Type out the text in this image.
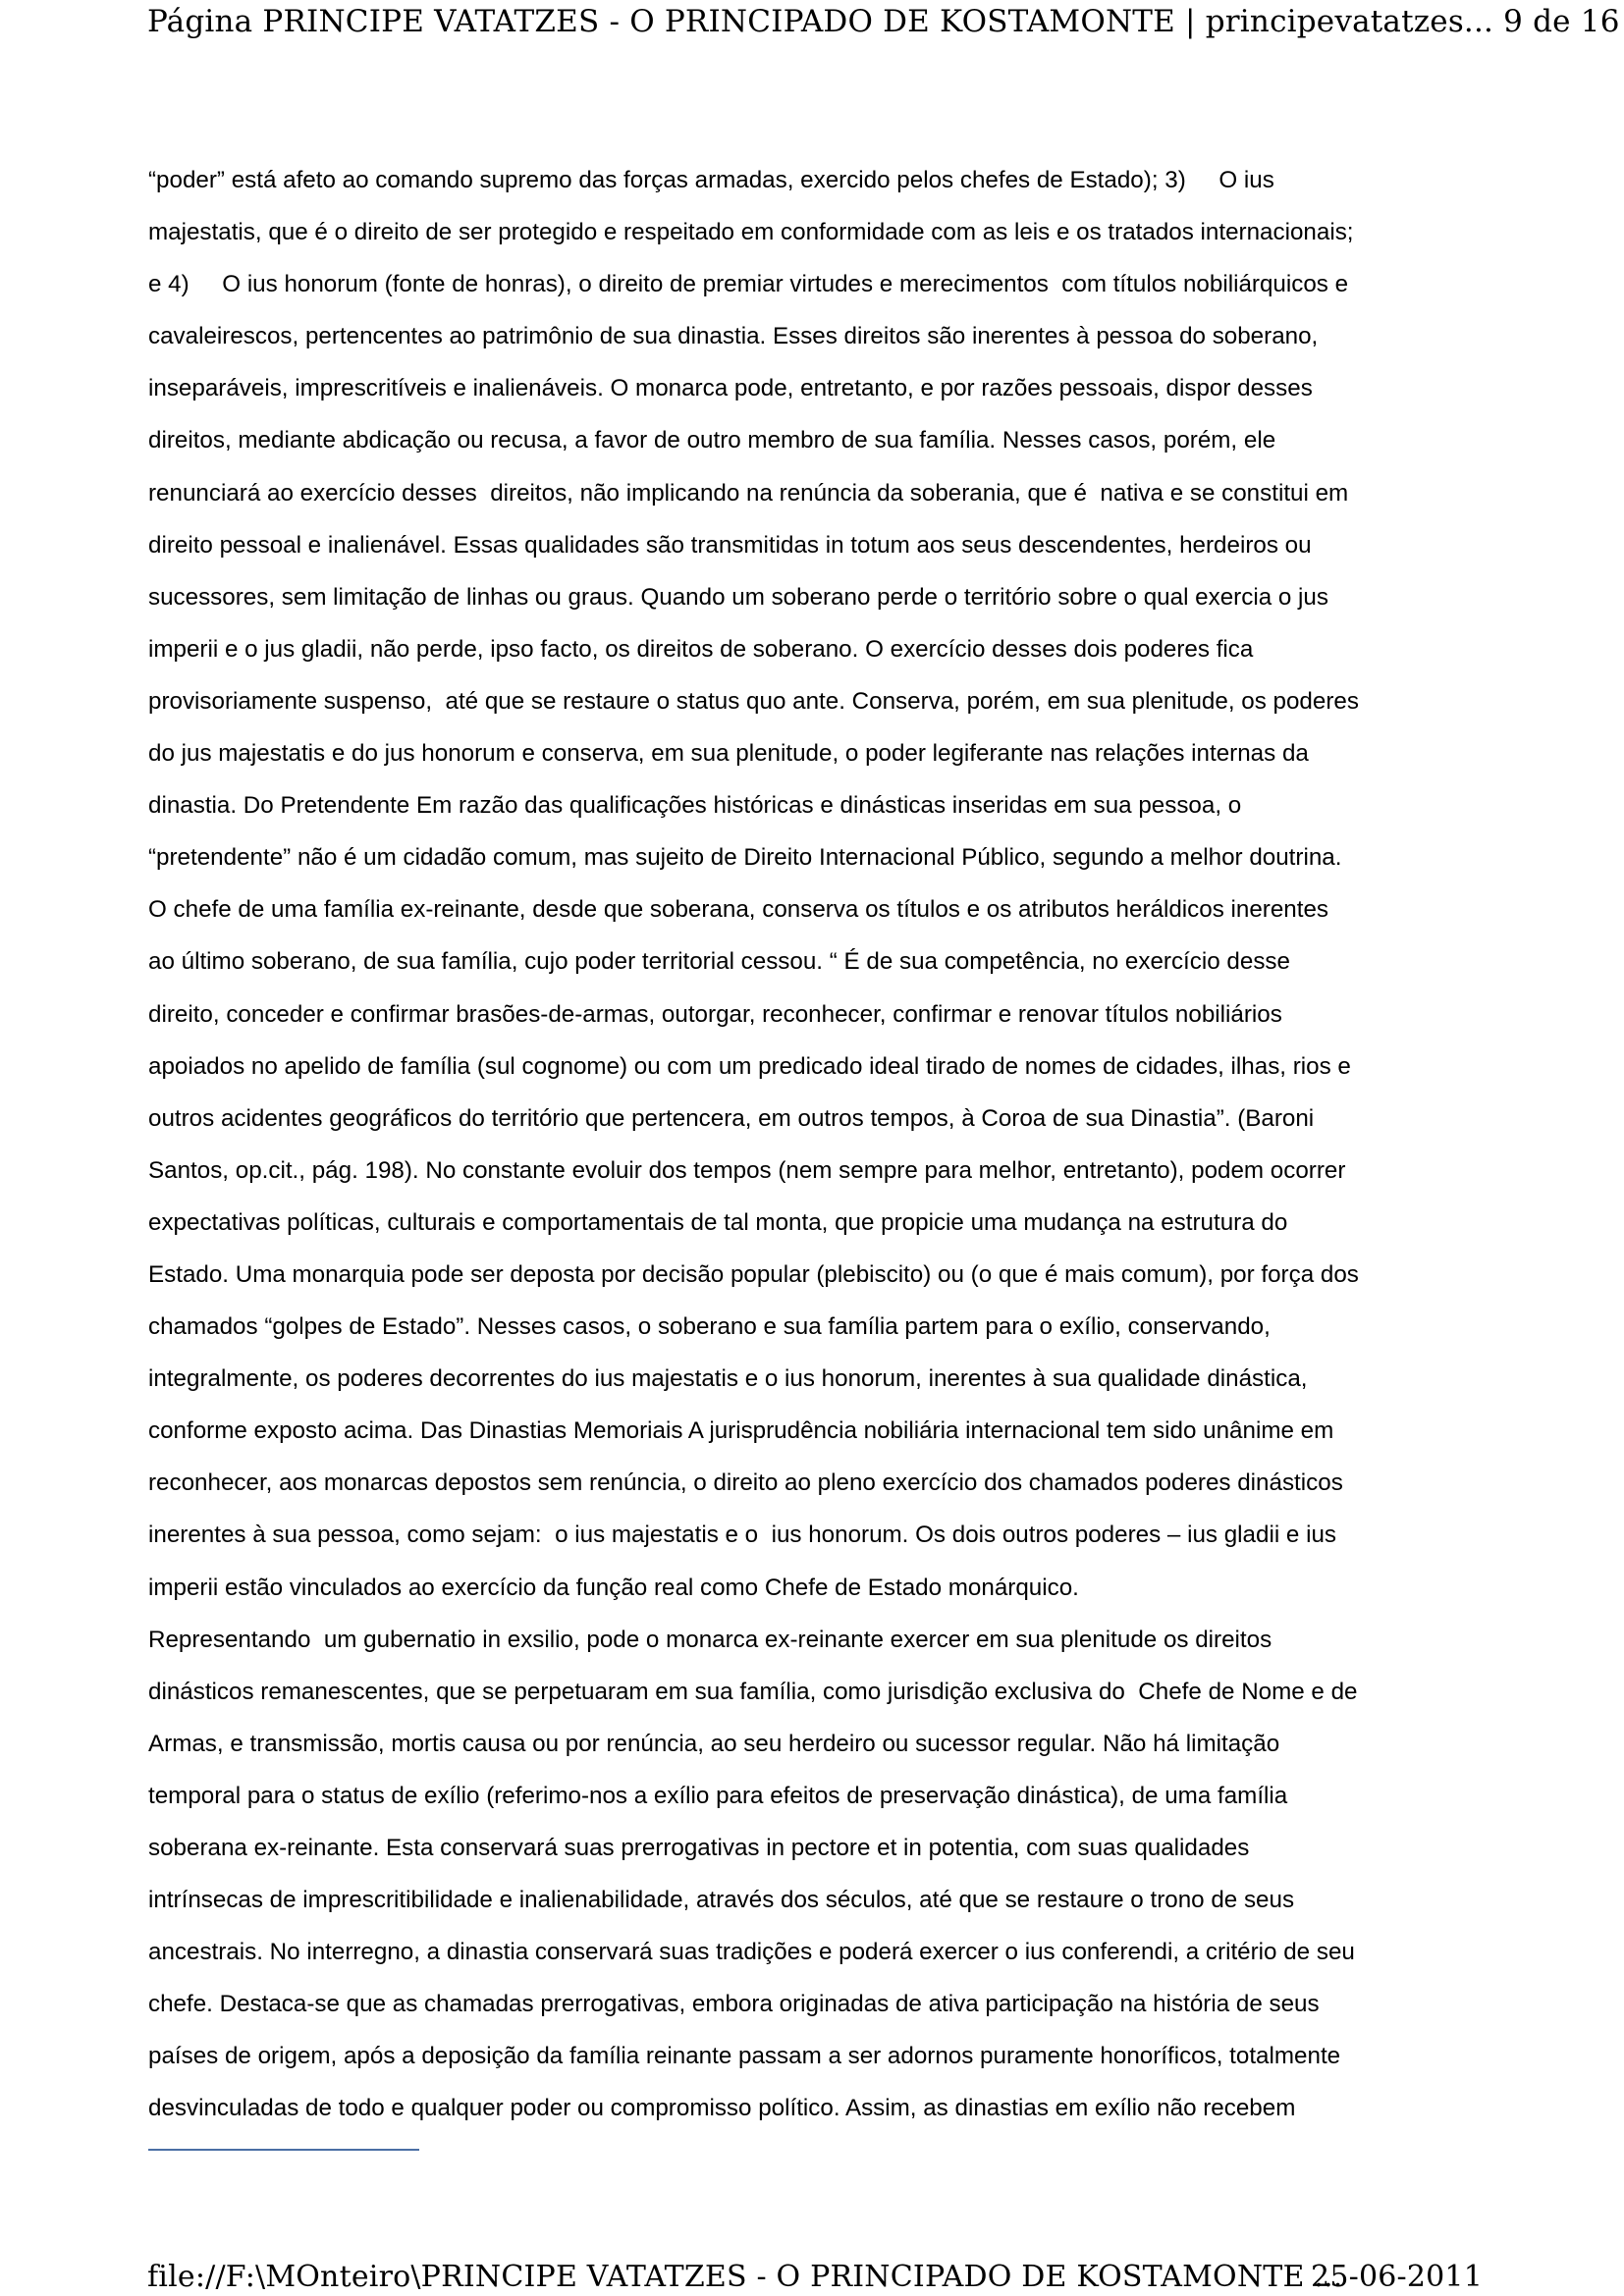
Página PRINCIPE VATATZES - O PRINCIPADO DE KOSTAMONTE | principevatatzes... 9 de 16
“poder” está afeto ao comando supremo das forças armadas, exercido pelos chefes de Estado); 3)     O ius
majestatis, que é o direito de ser protegido e respeitado em conformidade com as leis e os tratados internacionais;
e 4)     O ius honorum (fonte de honras), o direito de premiar virtudes e merecimentos  com títulos nobiliárquicos e
cavaleirescos, pertencentes ao patrimônio de sua dinastia. Esses direitos são inerentes à pessoa do soberano,
inseparáveis, imprescritíveis e inalienáveis. O monarca pode, entretanto, e por razões pessoais, dispor desses
direitos, mediante abdicação ou recusa, a favor de outro membro de sua família. Nesses casos, porém, ele
renunciará ao exercício desses  direitos, não implicando na renúncia da soberania, que é  nativa e se constitui em
direito pessoal e inalienável. Essas qualidades são transmitidas in totum aos seus descendentes, herdeiros ou
sucessores, sem limitação de linhas ou graus. Quando um soberano perde o território sobre o qual exercia o jus
imperii e o jus gladii, não perde, ipso facto, os direitos de soberano. O exercício desses dois poderes fica
provisoriamente suspenso,  até que se restaure o status quo ante. Conserva, porém, em sua plenitude, os poderes
do jus majestatis e do jus honorum e conserva, em sua plenitude, o poder legiferante nas relações internas da
dinastia. Do Pretendente Em razão das qualificações históricas e dinásticas inseridas em sua pessoa, o
“pretendente” não é um cidadão comum, mas sujeito de Direito Internacional Público, segundo a melhor doutrina.
O chefe de uma família ex-reinante, desde que soberana, conserva os títulos e os atributos heráldicos inerentes
ao último soberano, de sua família, cujo poder territorial cessou. “ É de sua competência, no exercício desse
direito, conceder e confirmar brasões-de-armas, outorgar, reconhecer, confirmar e renovar títulos nobiliários
apoiados no apelido de família (sul cognome) ou com um predicado ideal tirado de nomes de cidades, ilhas, rios e
outros acidentes geográficos do território que pertencera, em outros tempos, à Coroa de sua Dinastia”. (Baroni
Santos, op.cit., pág. 198). No constante evoluir dos tempos (nem sempre para melhor, entretanto), podem ocorrer
expectativas políticas, culturais e comportamentais de tal monta, que propicie uma mudança na estrutura do
Estado. Uma monarquia pode ser deposta por decisão popular (plebiscito) ou (o que é mais comum), por força dos
chamados “golpes de Estado”. Nesses casos, o soberano e sua família partem para o exílio, conservando,
integralmente, os poderes decorrentes do ius majestatis e o ius honorum, inerentes à sua qualidade dinástica,
conforme exposto acima. Das Dinastias Memoriais A jurisprudência nobiliária internacional tem sido unânime em
reconhecer, aos monarcas depostos sem renúncia, o direito ao pleno exercício dos chamados poderes dinásticos
inerentes à sua pessoa, como sejam:  o ius majestatis e o  ius honorum. Os dois outros poderes – ius gladii e ius
imperii estão vinculados ao exercício da função real como Chefe de Estado monárquico.
Representando  um gubernatio in exsilio, pode o monarca ex-reinante exercer em sua plenitude os direitos
dinásticos remanescentes, que se perpetuaram em sua família, como jurisdição exclusiva do  Chefe de Nome e de
Armas, e transmissão, mortis causa ou por renúncia, ao seu herdeiro ou sucessor regular. Não há limitação
temporal para o status de exílio (referimo-nos a exílio para efeitos de preservação dinástica), de uma família
soberana ex-reinante. Esta conservará suas prerrogativas in pectore et in potentia, com suas qualidades
intrínsecas de imprescritibilidade e inalienabilidade, através dos séculos, até que se restaure o trono de seus
ancestrais. No interregno, a dinastia conservará suas tradições e poderá exercer o ius conferendi, a critério de seu
chefe. Destaca-se que as chamadas prerrogativas, embora originadas de ativa participação na história de seus
países de origem, após a deposição da família reinante passam a ser adornos puramente honoríficos, totalmente
desvinculadas de todo e qualquer poder ou compromisso político. Assim, as dinastias em exílio não recebem
file://F:\MOnteiro\PRINCIPE VATATZES - O PRINCIPADO DE KOSTAMONTE ...
25-06-2011
